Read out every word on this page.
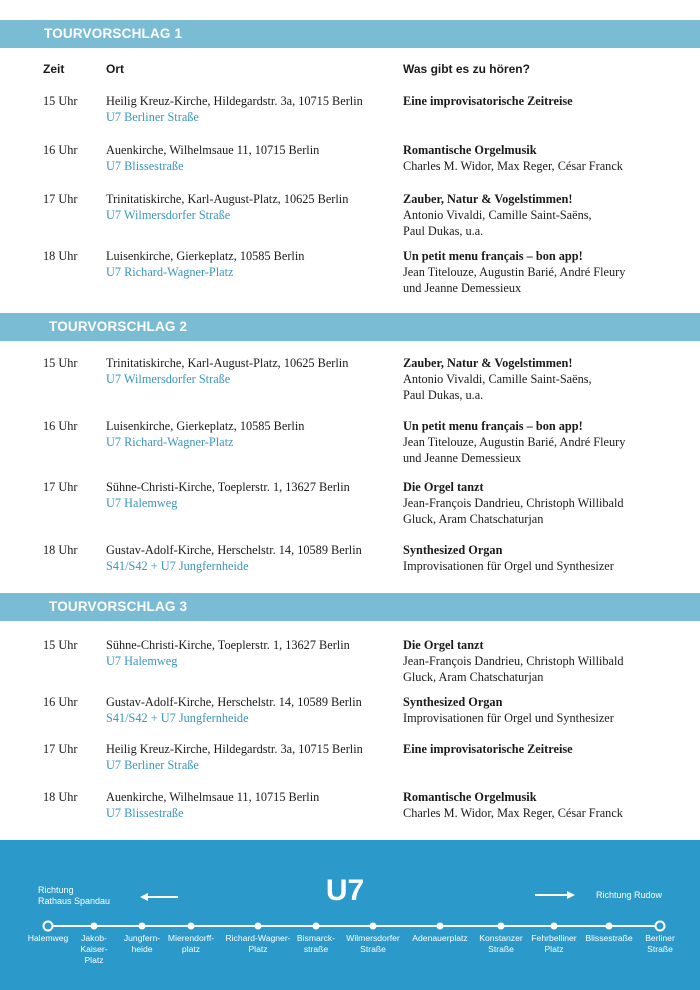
TOURVORSCHLAG 1
Zeit	Ort	Was gibt es zu hören?
15 Uhr Heilig Kreuz-Kirche, Hildegardstr. 3a, 10715 Berlin
U7 Berliner Straße
Eine improvisatorische Zeitreise
16 Uhr Auenkirche, Wilhelmsaue 11, 10715 Berlin
U7 Blissestraße
Romantische Orgelmusik
Charles M. Widor, Max Reger, César Franck
17 Uhr Trinitatiskirche, Karl-August-Platz, 10625 Berlin
U7 Wilmersdorfer Straße
Zauber, Natur & Vogelstimmen!
Antonio Vivaldi, Camille Saint-Saëns,
Paul Dukas, u.a.
18 Uhr Luisenkirche, Gierkeplatz, 10585 Berlin
U7 Richard-Wagner-Platz
Un petit menu français – bon app!
Jean Titelouze, Augustin Barié, André Fleury
und Jeanne Demessieux
TOURVORSCHLAG 2
15 Uhr Trinitatiskirche, Karl-August-Platz, 10625 Berlin
U7 Wilmersdorfer Straße
Zauber, Natur & Vogelstimmen!
Antonio Vivaldi, Camille Saint-Saëns,
Paul Dukas, u.a.
16 Uhr Luisenkirche, Gierkeplatz, 10585 Berlin
U7 Richard-Wagner-Platz
Un petit menu français – bon app!
Jean Titelouze, Augustin Barié, André Fleury
und Jeanne Demessieux
17 Uhr Sühne-Christi-Kirche, Toeplerstr. 1, 13627 Berlin
U7 Halemweg
Die Orgel tanzt
Jean-François Dandrieu, Christoph Willibald
Gluck, Aram Chatschaturjan
18 Uhr Gustav-Adolf-Kirche, Herschelstr. 14, 10589 Berlin
S41/S42 + U7 Jungfernheide
Synthesized Organ
Improvisationen für Orgel und Synthesizer
TOURVORSCHLAG 3
15 Uhr Sühne-Christi-Kirche, Toeplerstr. 1, 13627 Berlin
U7 Halemweg
Die Orgel tanzt
Jean-François Dandrieu, Christoph Willibald
Gluck, Aram Chatschaturjan
16 Uhr Gustav-Adolf-Kirche, Herschelstr. 14, 10589 Berlin
S41/S42 + U7 Jungfernheide
Synthesized Organ
Improvisationen für Orgel und Synthesizer
17 Uhr Heilig Kreuz-Kirche, Hildegardstr. 3a, 10715 Berlin
U7 Berliner Straße
Eine improvisatorische Zeitreise
18 Uhr Auenkirche, Wilhelmsaue 11, 10715 Berlin
U7 Blissestraße
Romantische Orgelmusik
Charles M. Widor, Max Reger, César Franck
Richtung
Rathaus Spandau	U7	Richtung Rudow
Halemweg	Jakob-
Kaiser-
Platz
Jungfern-
heide
Mierendorff-
platz
Richard-Wagner-
Platz
Bismarck-
straße
Wilmersdorfer
Straße
Adenauerplatz	Konstanzer
Straße
Fehrbelliner
Platz
Blissestraße	Berliner
Straße
